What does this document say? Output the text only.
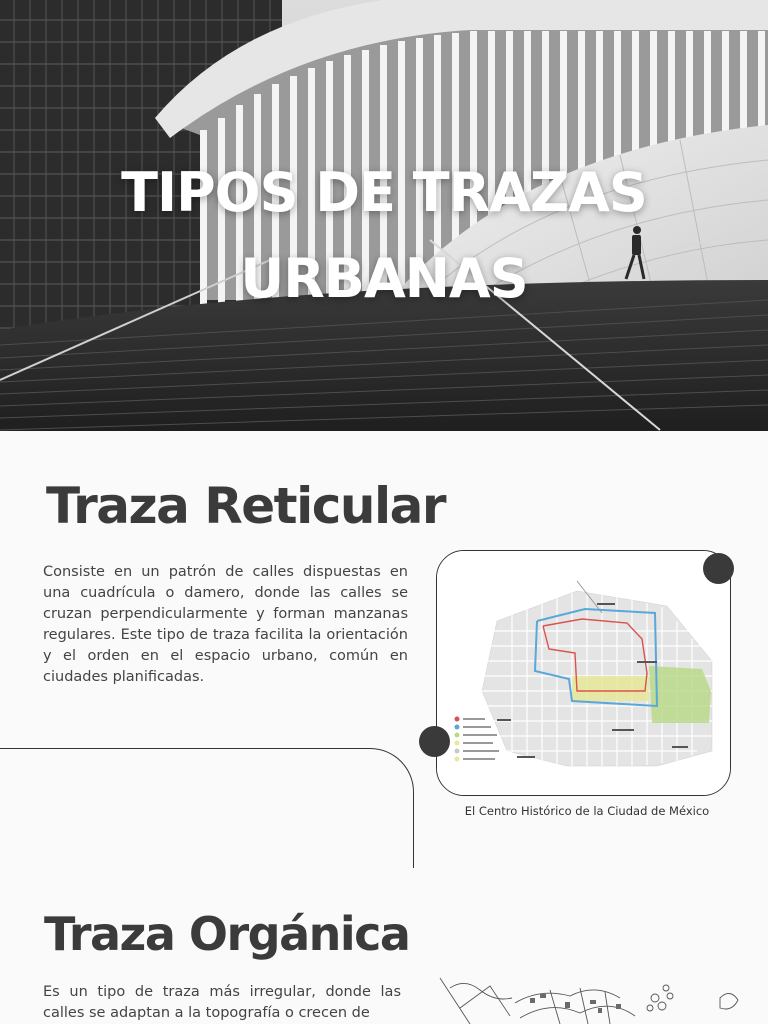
TIPOS DE TRAZAS
URBANAS
Traza Reticular

Consiste en un patrón de calles dispuestas en una cuadrícula o damero, donde las calles se cruzan perpendicularmente y forman manzanas regulares. Este tipo de traza facilita la orientación y el orden en el espacio urbano, común en ciudades planificadas.

El Centro Histórico de la Ciudad de México

Traza Orgánica

Es un tipo de traza más irregular, donde las calles se adaptan a la topografía o crecen de
